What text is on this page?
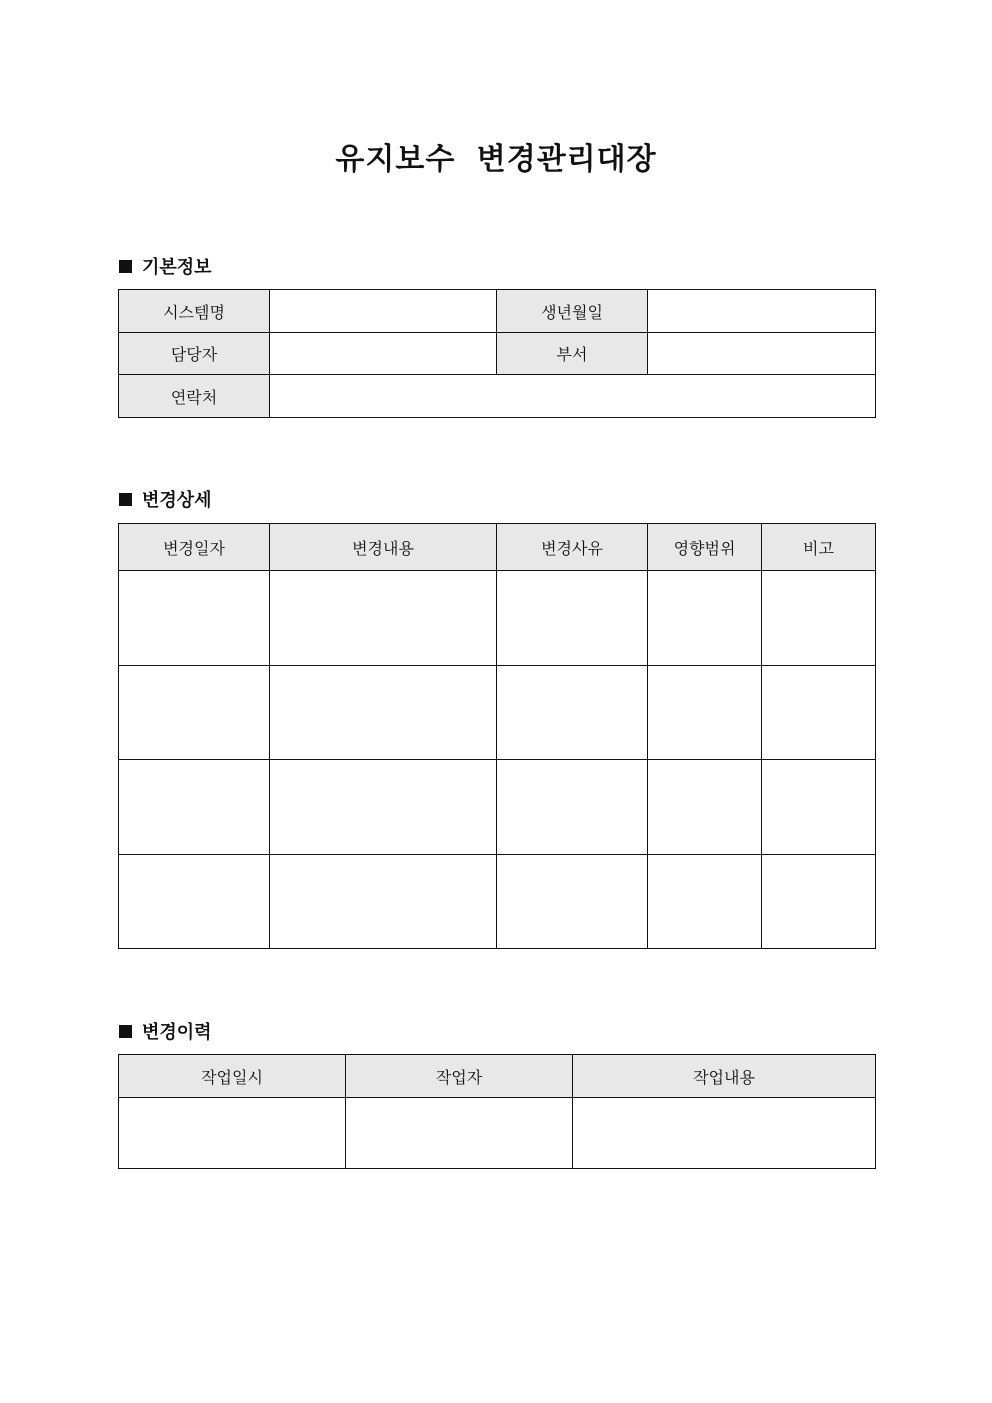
유지보수 변경관리대장
기본정보
시스템명		생년월일	
담당자		부서	
연락처			
변경상세
변경일자	변경내용	변경사유	영향범위	비고

변경이력
작업일시	작업자	작업내용
